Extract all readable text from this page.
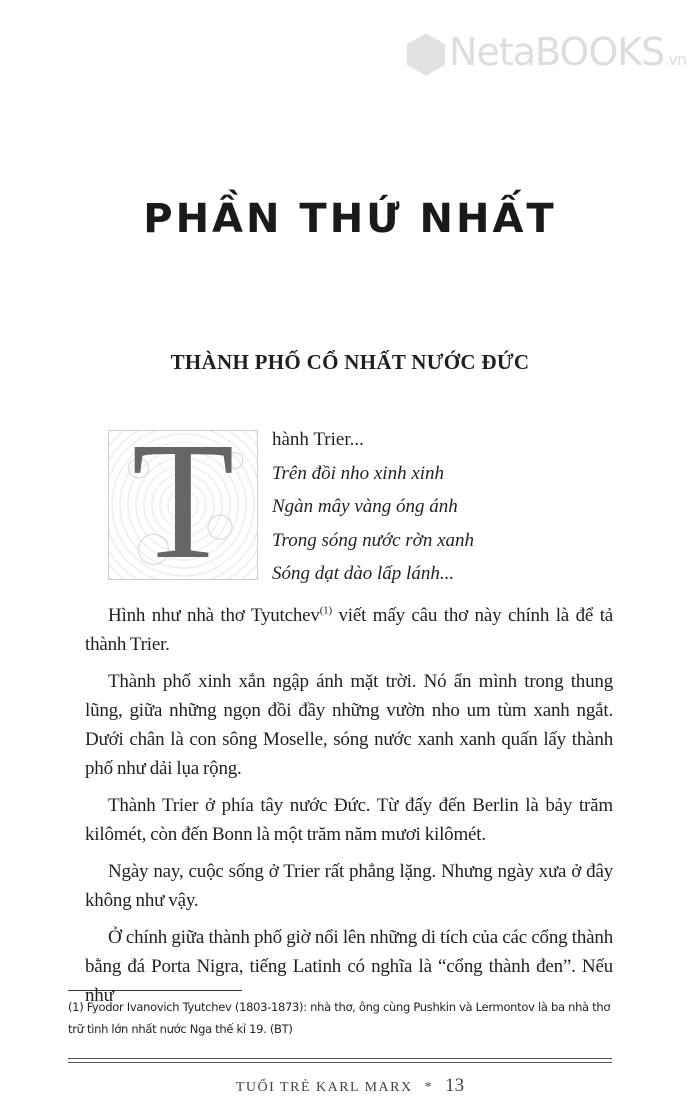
NetaBOOKS.vn
PHẦN THỨ NHẤT
THÀNH PHỐ CỔ NHẤT NƯỚC ĐỨC
T	hành Trier...
Trên đồi nho xinh xinh
Ngàn mây vàng óng ánh
Trong sóng nước rờn xanh
Sóng dạt dào lấp lánh...

Hình như nhà thơ Tyutchev$^{(1)}$ viết mấy câu thơ này chính là để tả thành Trier.

Thành phố xinh xắn ngập ánh mặt trời. Nó ẩn mình trong thung lũng, giữa những ngọn đồi đầy những vườn nho um tùm xanh ngắt. Dưới chân là con sông Moselle, sóng nước xanh xanh quấn lấy thành phố như dải lụa rộng.

Thành Trier ở phía tây nước Đức. Từ đấy đến Berlin là bảy trăm kilômét, còn đến Bonn là một trăm năm mươi kilômét.

Ngày nay, cuộc sống ở Trier rất phẳng lặng. Nhưng ngày xưa ở đây không như vậy.

Ở chính giữa thành phố giờ nổi lên những di tích của các cổng thành bằng đá Porta Nigra, tiếng Latinh có nghĩa là “cổng thành đen”. Nếu như

(1) Fyodor Ivanovich Tyutchev (1803-1873): nhà thơ, ông cùng Pushkin và Lermontov là ba nhà thơ trữ tình lớn nhất nước Nga thế kỉ 19. (BT)
TUỔI TRẺ KARL MARX * 13
